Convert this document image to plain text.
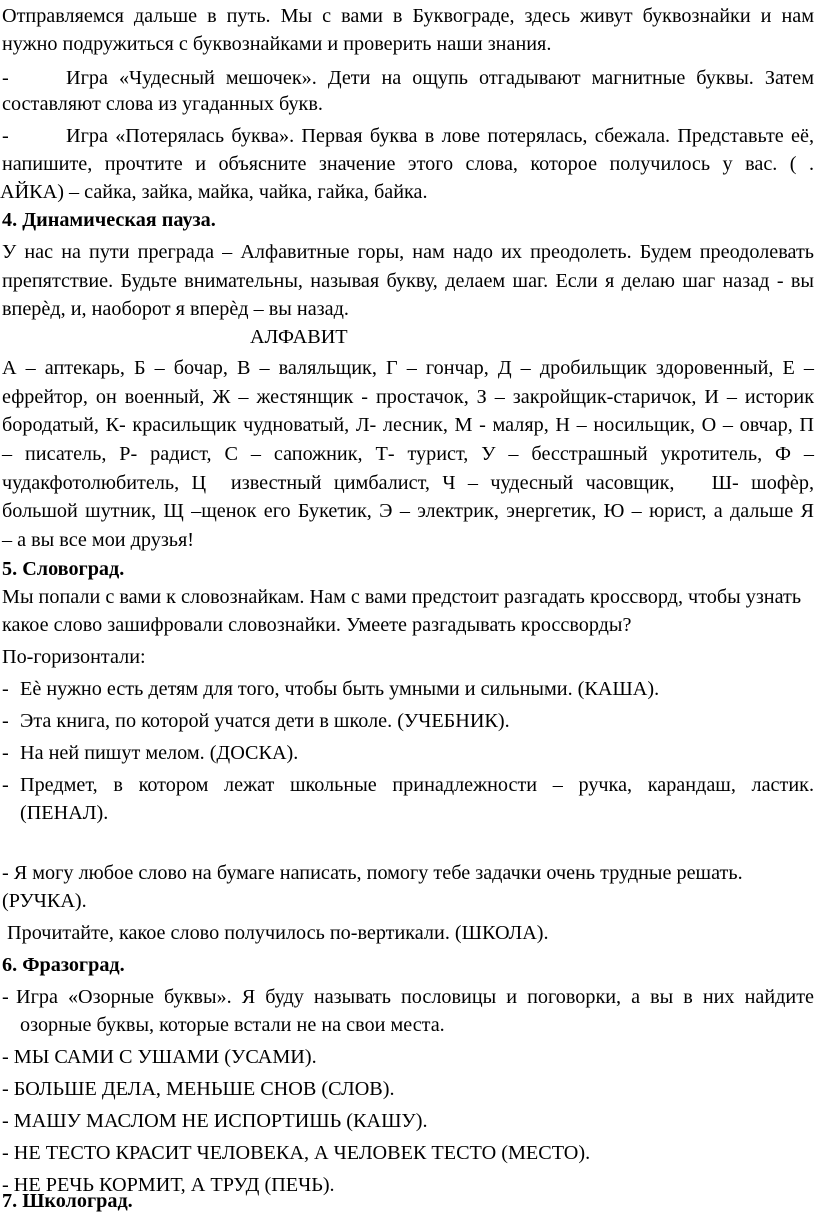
Отправляемся дальше в путь. Мы с вами в Буквограде, здесь живут буквознайки и нам
нужно подружиться с буквознайками и проверить наши знания.
-	Игра «Чудесный мешочек». Дети на ощупь отгадывают магнитные буквы. Затем
составляют слова из угаданных букв.
-	Игра «Потерялась буква». Первая буква в лове потерялась, сбежала. Представьте её,
напишите, прочтите и объясните значение этого слова, которое получилось у вас. ( .
АЙКА) – сайка, зайка, майка, чайка, гайка, байка.
4. Динамическая пауза.
У нас на пути преграда – Алфавитные горы, нам надо их преодолеть. Будем преодолевать
препятствие. Будьте внимательны, называя букву, делаем шаг. Если я делаю шаг назад - вы
вперѐд, и, наоборот я вперѐд – вы назад.
АЛФАВИТ
А – аптекарь, Б – бочар, В – валяльщик, Г – гончар, Д – дробильщик здоровенный, Е –
ефрейтор, он военный, Ж – жестянщик - простачок, З – закройщик-старичок, И – историк
бородатый, К- красильщик чудноватый, Л- лесник, М - маляр, Н – носильщик, О – овчар, П
– писатель, Р- радист, С – сапожник, Т- турист, У – бесстрашный укротитель, Ф –
чудакфотолюбитель, Ц  известный цимбалист, Ч – чудесный часовщик,   Ш- шофѐр,
большой шутник, Щ –щенок его Букетик, Э – электрик, энергетик, Ю – юрист, а дальше Я
– а вы все мои друзья!
5. Словоград.
Мы попали с вами к словознайкам. Нам с вами предстоит разгадать кроссворд, чтобы узнать
какое слово зашифровали словознайки. Умеете разгадывать кроссворды?
По-горизонтали:
- Еѐ нужно есть детям для того, чтобы быть умными и сильными. (КАША).
- Эта книга, по которой учатся дети в школе. (УЧЕБНИК).
- На ней пишут мелом. (ДОСКА).
- Предмет, в котором лежат школьные принадлежности – ручка, карандаш, ластик.
(ПЕНАЛ).
- Я могу любое слово на бумаге написать, помогу тебе задачки очень трудные решать.
(РУЧКА).
Прочитайте, какое слово получилось по-вертикали. (ШКОЛА).
6. Фразоград.
- Игра «Озорные буквы». Я буду называть пословицы и поговорки, а вы в них найдите
озорные буквы, которые встали не на свои места.
- МЫ САМИ С УШАМИ (УСАМИ).
- БОЛЬШЕ ДЕЛА, МЕНЬШЕ СНОВ (СЛОВ).
- МАШУ МАСЛОМ НЕ ИСПОРТИШЬ (КАШУ).
- НЕ ТЕСТО КРАСИТ ЧЕЛОВЕКА, А ЧЕЛОВЕК ТЕСТО (МЕСТО).
- НЕ РЕЧЬ КОРМИТ, А ТРУД (ПЕЧЬ).
7. Школоград.
